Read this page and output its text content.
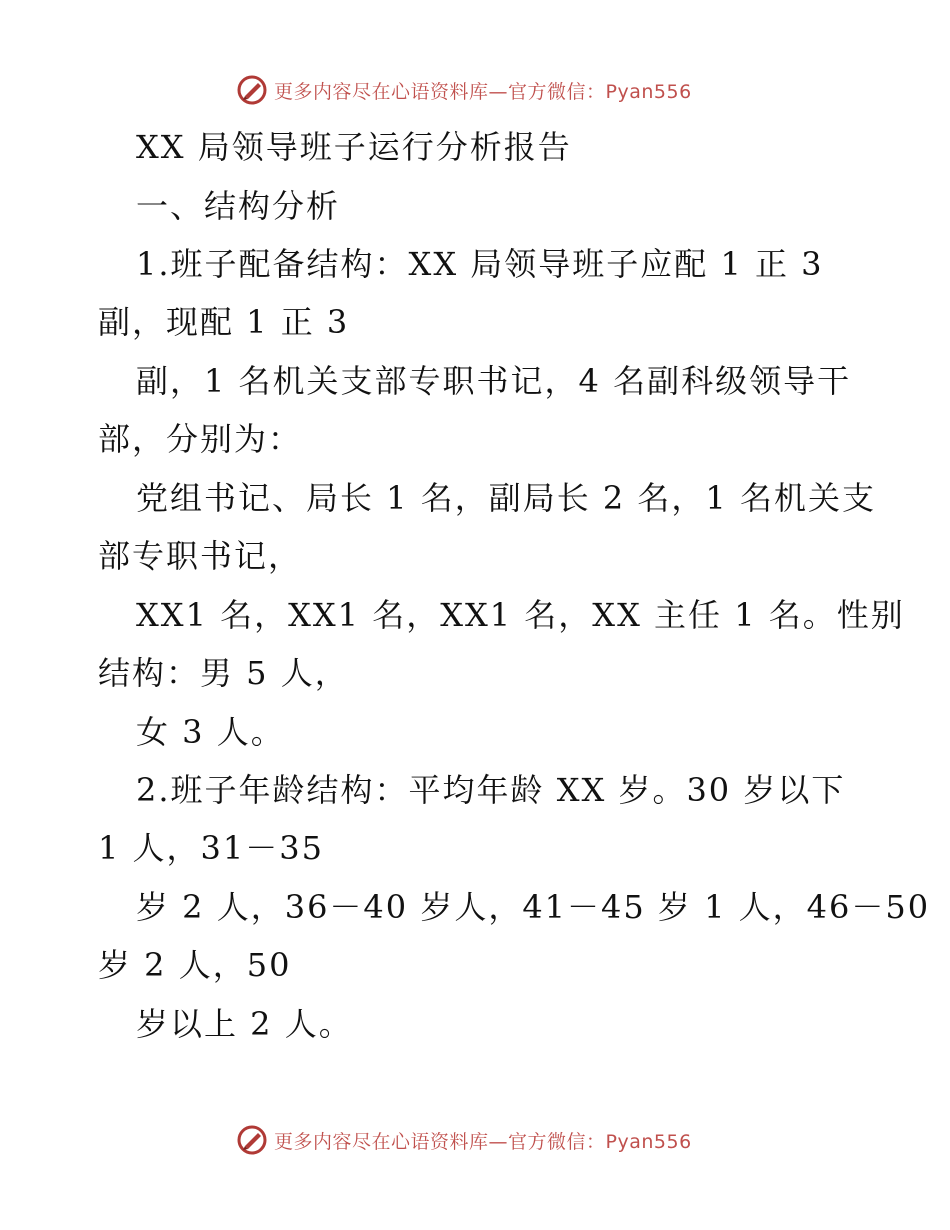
更多内容尽在心语资料库—官方微信：Pyan556
XX 局领导班子运行分析报告
一、结构分析
1.班子配备结构：XX 局领导班子应配 1 正 3
副，现配 1 正 3
副，1 名机关支部专职书记，4 名副科级领导干
部，分别为：
党组书记、局长 1 名，副局长 2 名，1 名机关支
部专职书记，
XX1 名，XX1 名，XX1 名，XX 主任 1 名。性别
结构：男 5 人，
女 3 人。
2.班子年龄结构：平均年龄 XX 岁。30 岁以下
1 人，31－35
岁 2 人，36－40 岁人，41－45 岁 1 人，46－50
岁 2 人，50
岁以上 2 人。
更多内容尽在心语资料库—官方微信：Pyan556
